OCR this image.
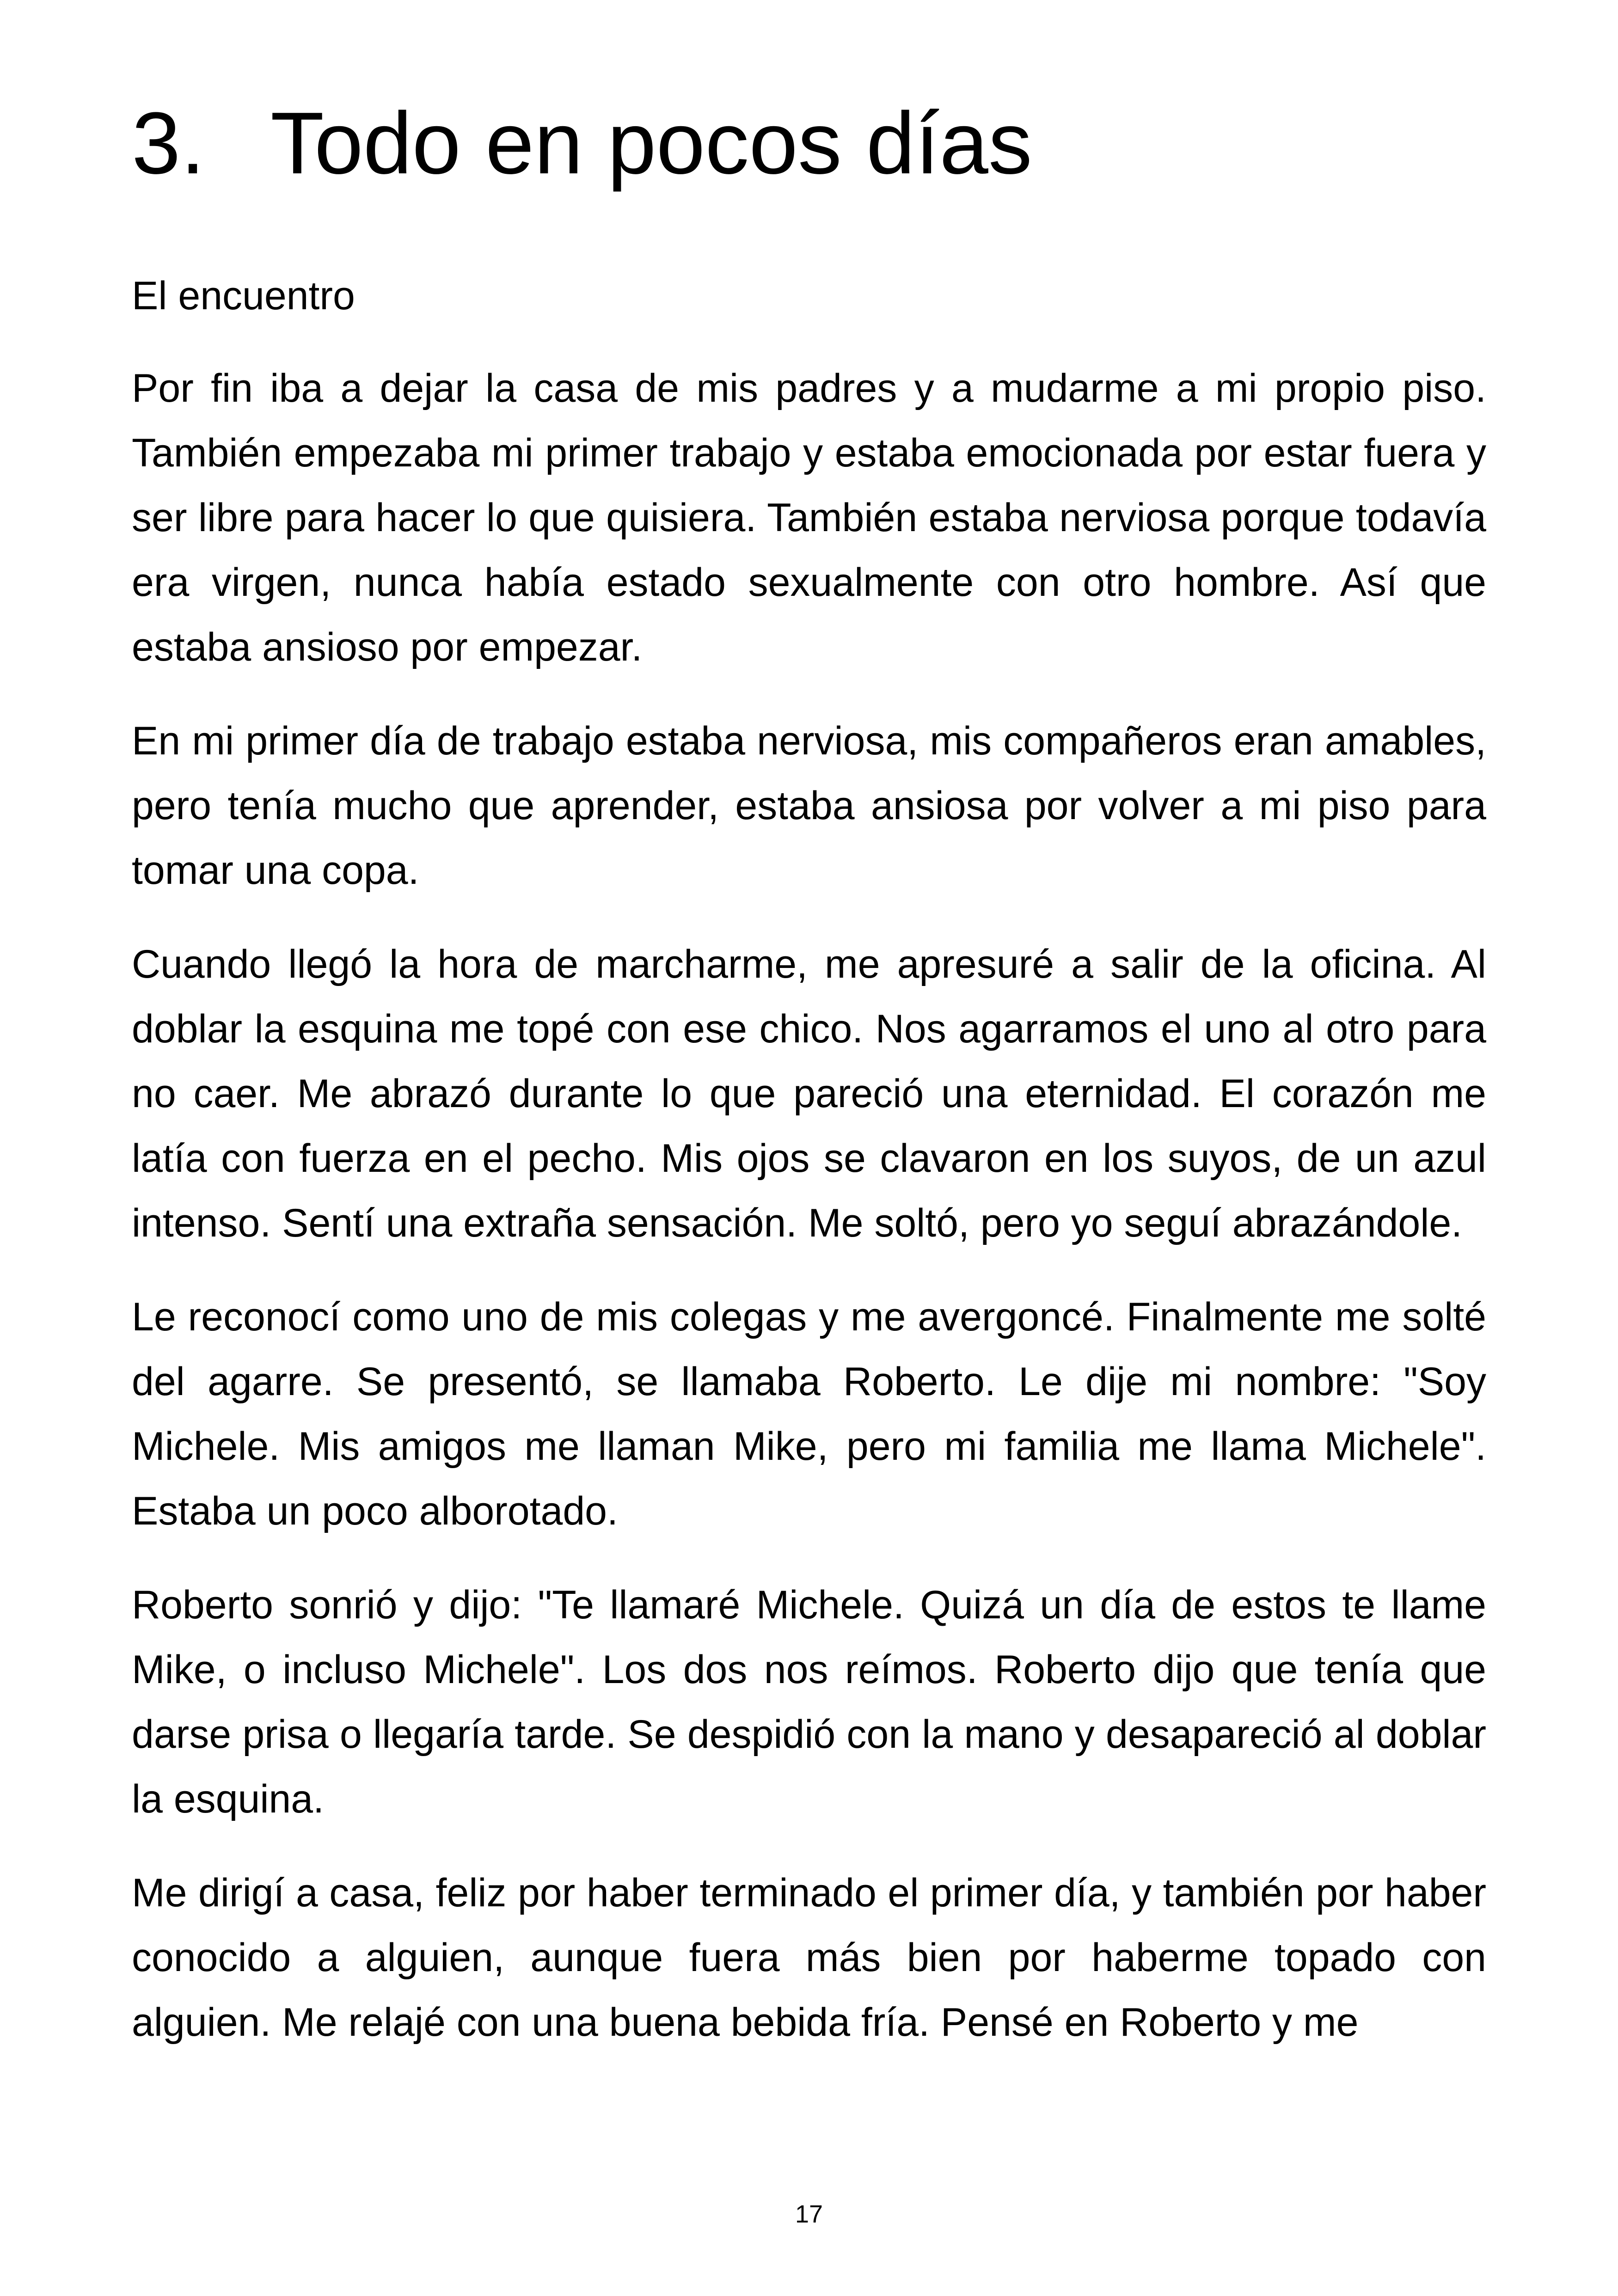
3. Todo en pocos días

El encuentro

Por fin iba a dejar la casa de mis padres y a mudarme a mi propio piso. También empezaba mi primer trabajo y estaba emocionada por estar fuera y ser libre para hacer lo que quisiera. También estaba nerviosa porque todavía era virgen, nunca había estado sexualmente con otro hombre. Así que estaba ansioso por empezar.

En mi primer día de trabajo estaba nerviosa, mis compañeros eran amables, pero tenía mucho que aprender, estaba ansiosa por volver a mi piso para tomar una copa.

Cuando llegó la hora de marcharme, me apresuré a salir de la oficina. Al doblar la esquina me topé con ese chico. Nos agarramos el uno al otro para no caer. Me abrazó durante lo que pareció una eternidad. El corazón me latía con fuerza en el pecho. Mis ojos se clavaron en los suyos, de un azul intenso. Sentí una extraña sensación. Me soltó, pero yo seguí abrazándole.

Le reconocí como uno de mis colegas y me avergoncé. Finalmente me solté del agarre. Se presentó, se llamaba Roberto. Le dije mi nombre: "Soy Michele. Mis amigos me llaman Mike, pero mi familia me llama Michele". Estaba un poco alborotado.

Roberto sonrió y dijo: "Te llamaré Michele. Quizá un día de estos te llame Mike, o incluso Michele". Los dos nos reímos. Roberto dijo que tenía que darse prisa o llegaría tarde. Se despidió con la mano y desapareció al doblar la esquina.

Me dirigí a casa, feliz por haber terminado el primer día, y también por haber conocido a alguien, aunque fuera más bien por haberme topado con alguien. Me relajé con una buena bebida fría. Pensé en Roberto y me

17
